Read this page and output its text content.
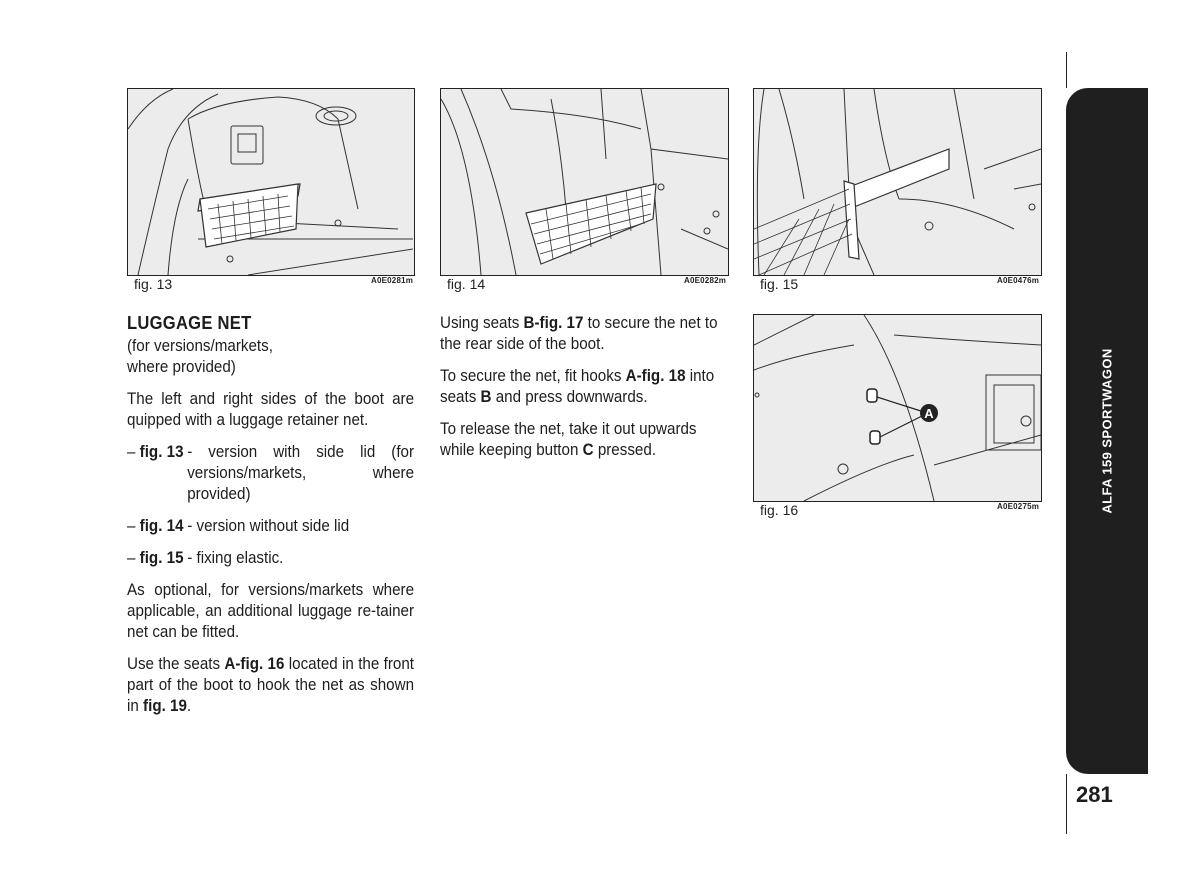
fig. 13	A0E0281m fig. 14	A0E0282m fig. 15	A0E0476m
A
fig. 16	A0E0275m
LUGGAGE NET
(for versions/markets,

where provided)

The left and right sides of the boot are quipped with a luggage retainer net.

– fig. 13 - version with side lid (for versions/markets, where provided)
– fig. 14 - version without side lid
– fig. 15 - fixing elastic.

As optional, for versions/markets where applicable, an additional luggage re-tainer net can be fitted.

Use the seats A-fig. 16 located in the front part of the boot to hook the net as shown in fig. 19.

Using seats B-fig. 17 to secure the net to the rear side of the boot.

To secure the net, fit hooks A-fig. 18 into seats B and press downwards.

To release the net, take it out upwards while keeping button C pressed.	ALFA 159 SPORTWAGON
281
